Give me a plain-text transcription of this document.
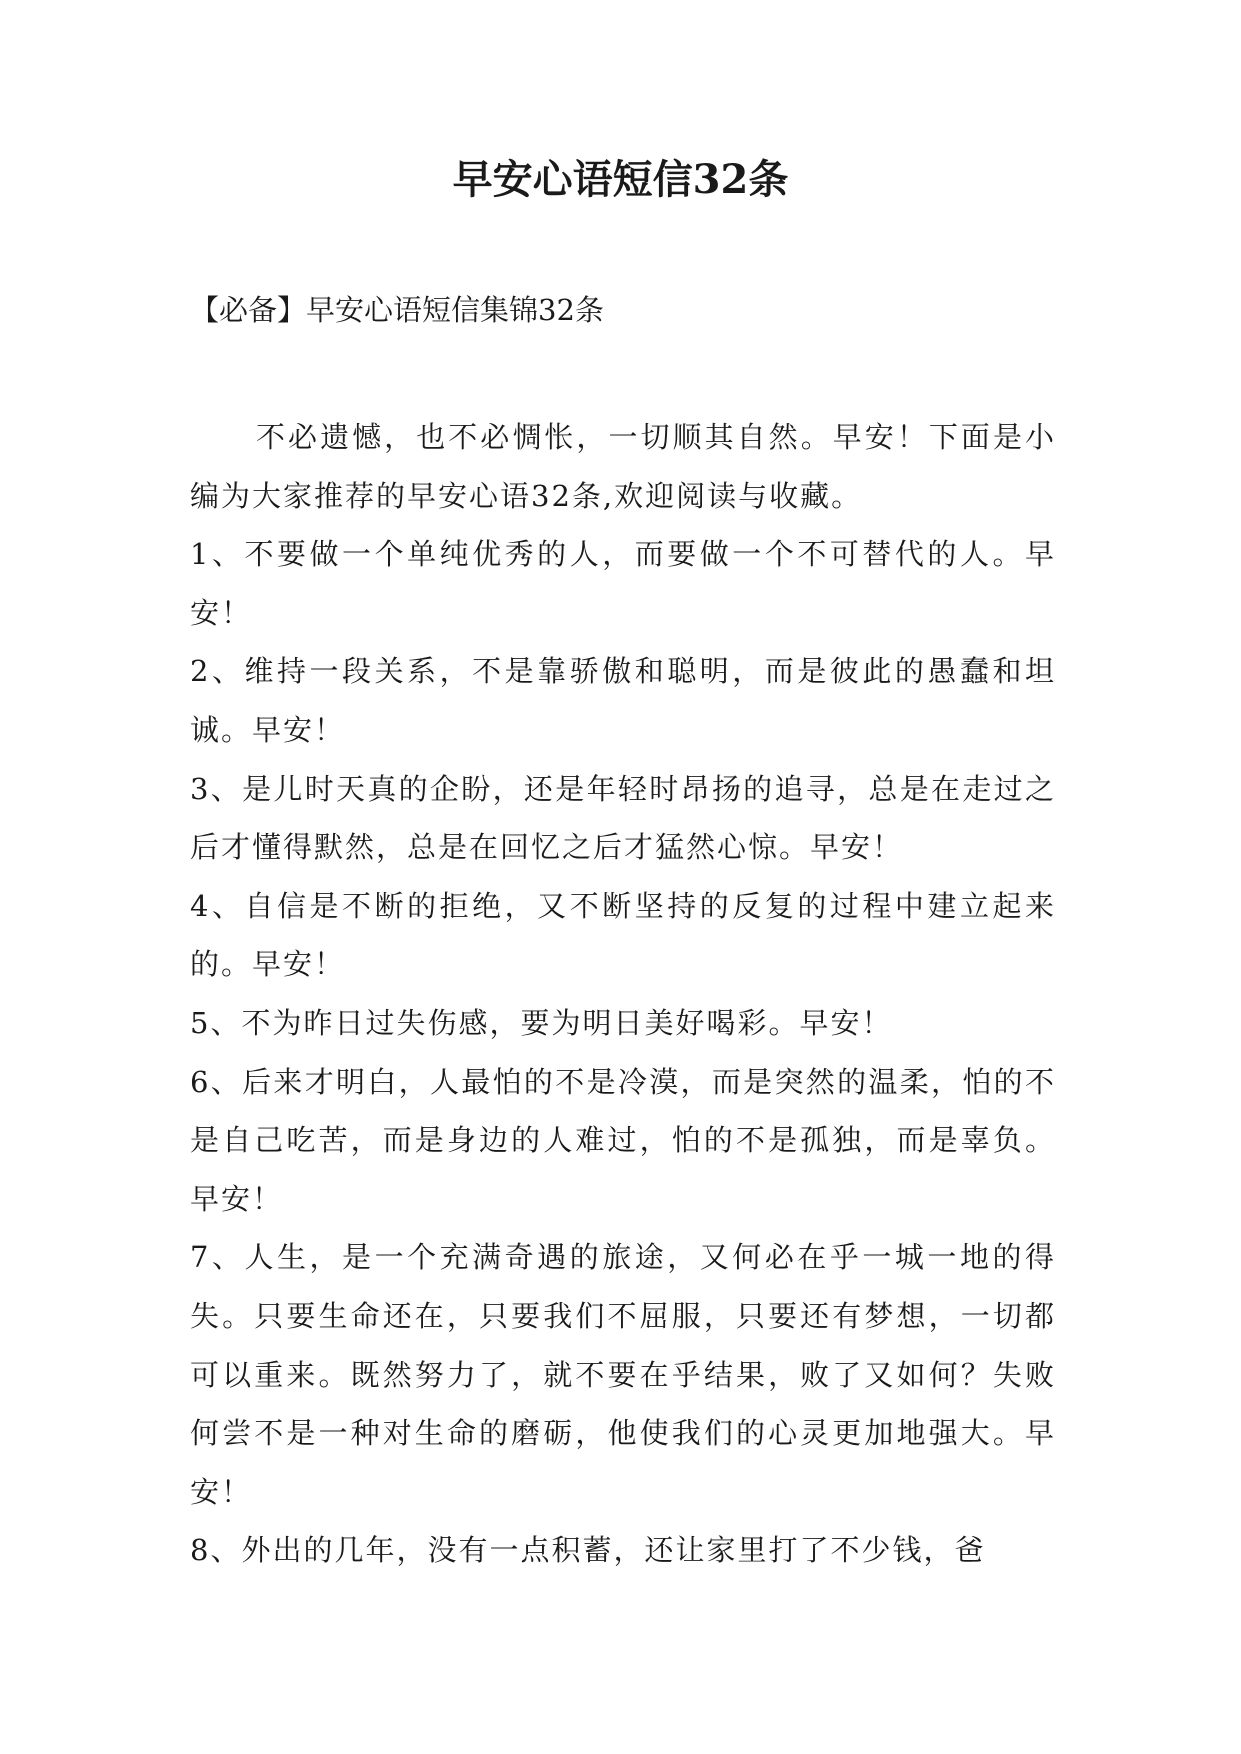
早安心语短信32条

【必备】早安心语短信集锦32条

不必遗憾，也不必惆怅，一切顺其自然。早安！下面是小编为大家推荐的早安心语32条,欢迎阅读与收藏。

1、不要做一个单纯优秀的人，而要做一个不可替代的人。早安！

2、维持一段关系，不是靠骄傲和聪明，而是彼此的愚蠢和坦诚。早安！

3、是儿时天真的企盼，还是年轻时昂扬的追寻，总是在走过之后才懂得默然，总是在回忆之后才猛然心惊。早安！

4、自信是不断的拒绝，又不断坚持的反复的过程中建立起来的。早安！

5、不为昨日过失伤感，要为明日美好喝彩。早安！

6、后来才明白，人最怕的不是冷漠，而是突然的温柔，怕的不是自己吃苦，而是身边的人难过，怕的不是孤独，而是辜负。早安！

7、人生，是一个充满奇遇的旅途，又何必在乎一城一地的得失。只要生命还在，只要我们不屈服，只要还有梦想，一切都可以重来。既然努力了，就不要在乎结果，败了又如何？失败何尝不是一种对生命的磨砺，他使我们的心灵更加地强大。早安！

8、外出的几年，没有一点积蓄，还让家里打了不少钱，爸
